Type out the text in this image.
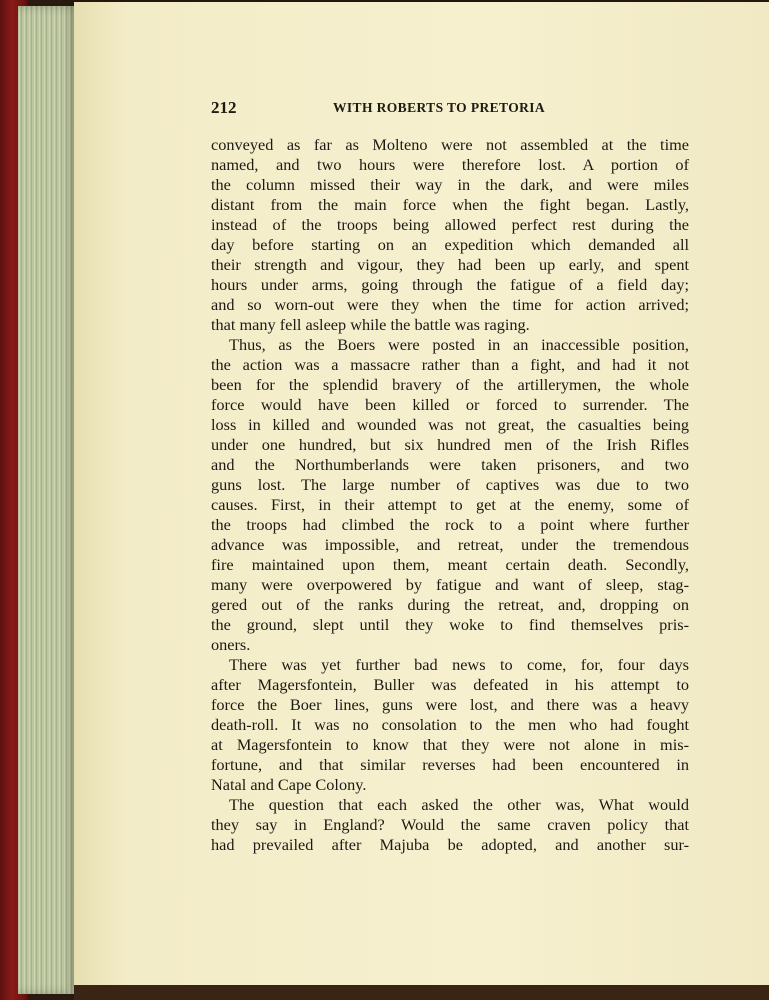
212	WITH ROBERTS TO PRETORIA
conveyed as far as Molteno were not assembled at the time
named, and two hours were therefore lost. A portion of
the column missed their way in the dark, and were miles
distant from the main force when the fight began. Lastly,
instead of the troops being allowed perfect rest during the
day before starting on an expedition which demanded all
their strength and vigour, they had been up early, and spent
hours under arms, going through the fatigue of a field day;
and so worn-out were they when the time for action arrived;
that many fell asleep while the battle was raging.
Thus, as the Boers were posted in an inaccessible position,
the action was a massacre rather than a fight, and had it not
been for the splendid bravery of the artillerymen, the whole
force would have been killed or forced to surrender. The
loss in killed and wounded was not great, the casualties being
under one hundred, but six hundred men of the Irish Rifles
and the Northumberlands were taken prisoners, and two
guns lost. The large number of captives was due to two
causes. First, in their attempt to get at the enemy, some of
the troops had climbed the rock to a point where further
advance was impossible, and retreat, under the tremendous
fire maintained upon them, meant certain death. Secondly,
many were overpowered by fatigue and want of sleep, stag-
gered out of the ranks during the retreat, and, dropping on
the ground, slept until they woke to find themselves pris-
oners.
There was yet further bad news to come, for, four days
after Magersfontein, Buller was defeated in his attempt to
force the Boer lines, guns were lost, and there was a heavy
death-roll. It was no consolation to the men who had fought
at Magersfontein to know that they were not alone in mis-
fortune, and that similar reverses had been encountered in
Natal and Cape Colony.
The question that each asked the other was, What would
they say in England? Would the same craven policy that
had prevailed after Majuba be adopted, and another sur-
